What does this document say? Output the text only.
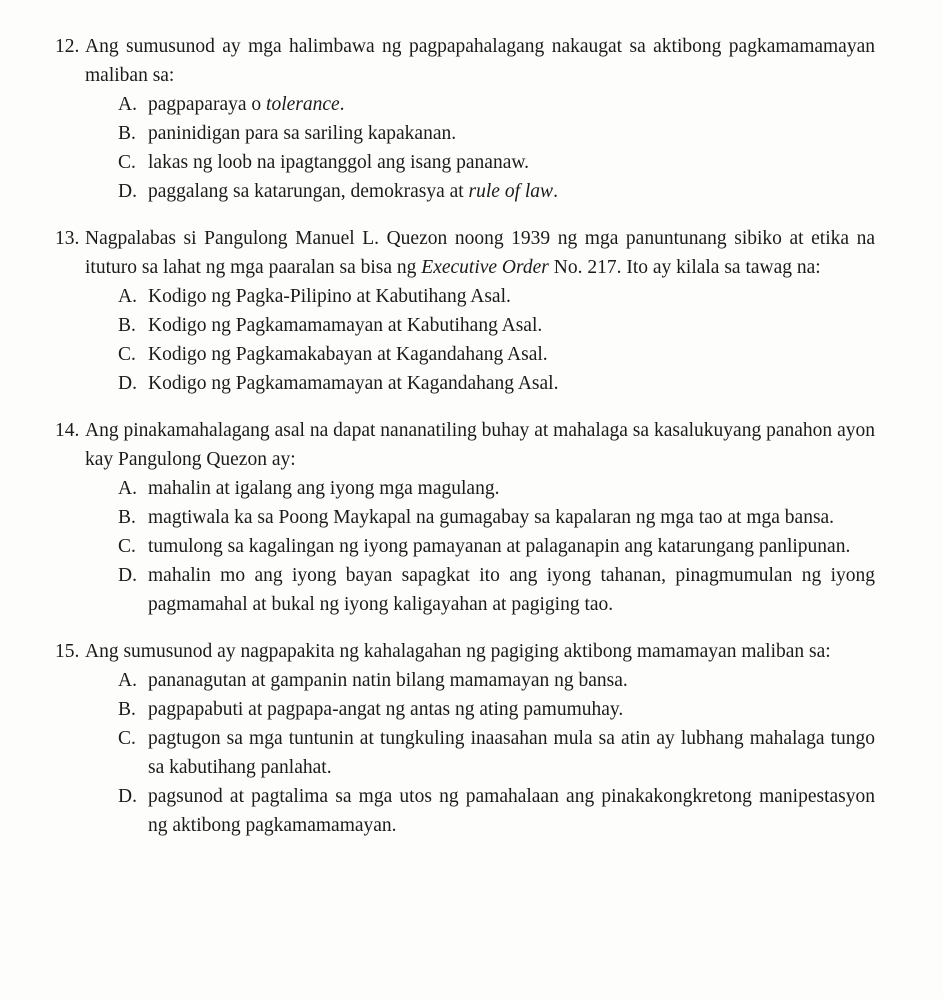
12. Ang sumusunod ay mga halimbawa ng pagpapahalagang nakaugat sa aktibong pagkamamamayan maliban sa:

A. pagpaparaya o tolerance.
B. paninidigan para sa sariling kapakanan.
C. lakas ng loob na ipagtanggol ang isang pananaw.
D. paggalang sa katarungan, demokrasya at rule of law.

13. Nagpalabas si Pangulong Manuel L. Quezon noong 1939 ng mga panuntunang sibiko at etika na ituturo sa lahat ng mga paaralan sa bisa ng Executive Order No. 217. Ito ay kilala sa tawag na:

A. Kodigo ng Pagka-Pilipino at Kabutihang Asal.
B. Kodigo ng Pagkamamamayan at Kabutihang Asal.
C. Kodigo ng Pagkamakabayan at Kagandahang Asal.
D. Kodigo ng Pagkamamamayan at Kagandahang Asal.

14. Ang pinakamahalagang asal na dapat nananatiling buhay at mahalaga sa kasalukuyang panahon ayon kay Pangulong Quezon ay:

A. mahalin at igalang ang iyong mga magulang.
B. magtiwala ka sa Poong Maykapal na gumagabay sa kapalaran ng mga tao at mga bansa.
C. tumulong sa kagalingan ng iyong pamayanan at palaganapin ang katarungang panlipunan.
D. mahalin mo ang iyong bayan sapagkat ito ang iyong tahanan, pinagmumulan ng iyong pagmamahal at bukal ng iyong kaligayahan at pagiging tao.

15. Ang sumusunod ay nagpapakita ng kahalagahan ng pagiging aktibong mamamayan maliban sa:

A. pananagutan at gampanin natin bilang mamamayan ng bansa.
B. pagpapabuti at pagpapa-angat ng antas ng ating pamumuhay.
C. pagtugon sa mga tuntunin at tungkuling inaasahan mula sa atin ay lubhang mahalaga tungo sa kabutihang panlahat.
D. pagsunod at pagtalima sa mga utos ng pamahalaan ang pinakakongkretong manipestasyon ng aktibong pagkamamamayan.
